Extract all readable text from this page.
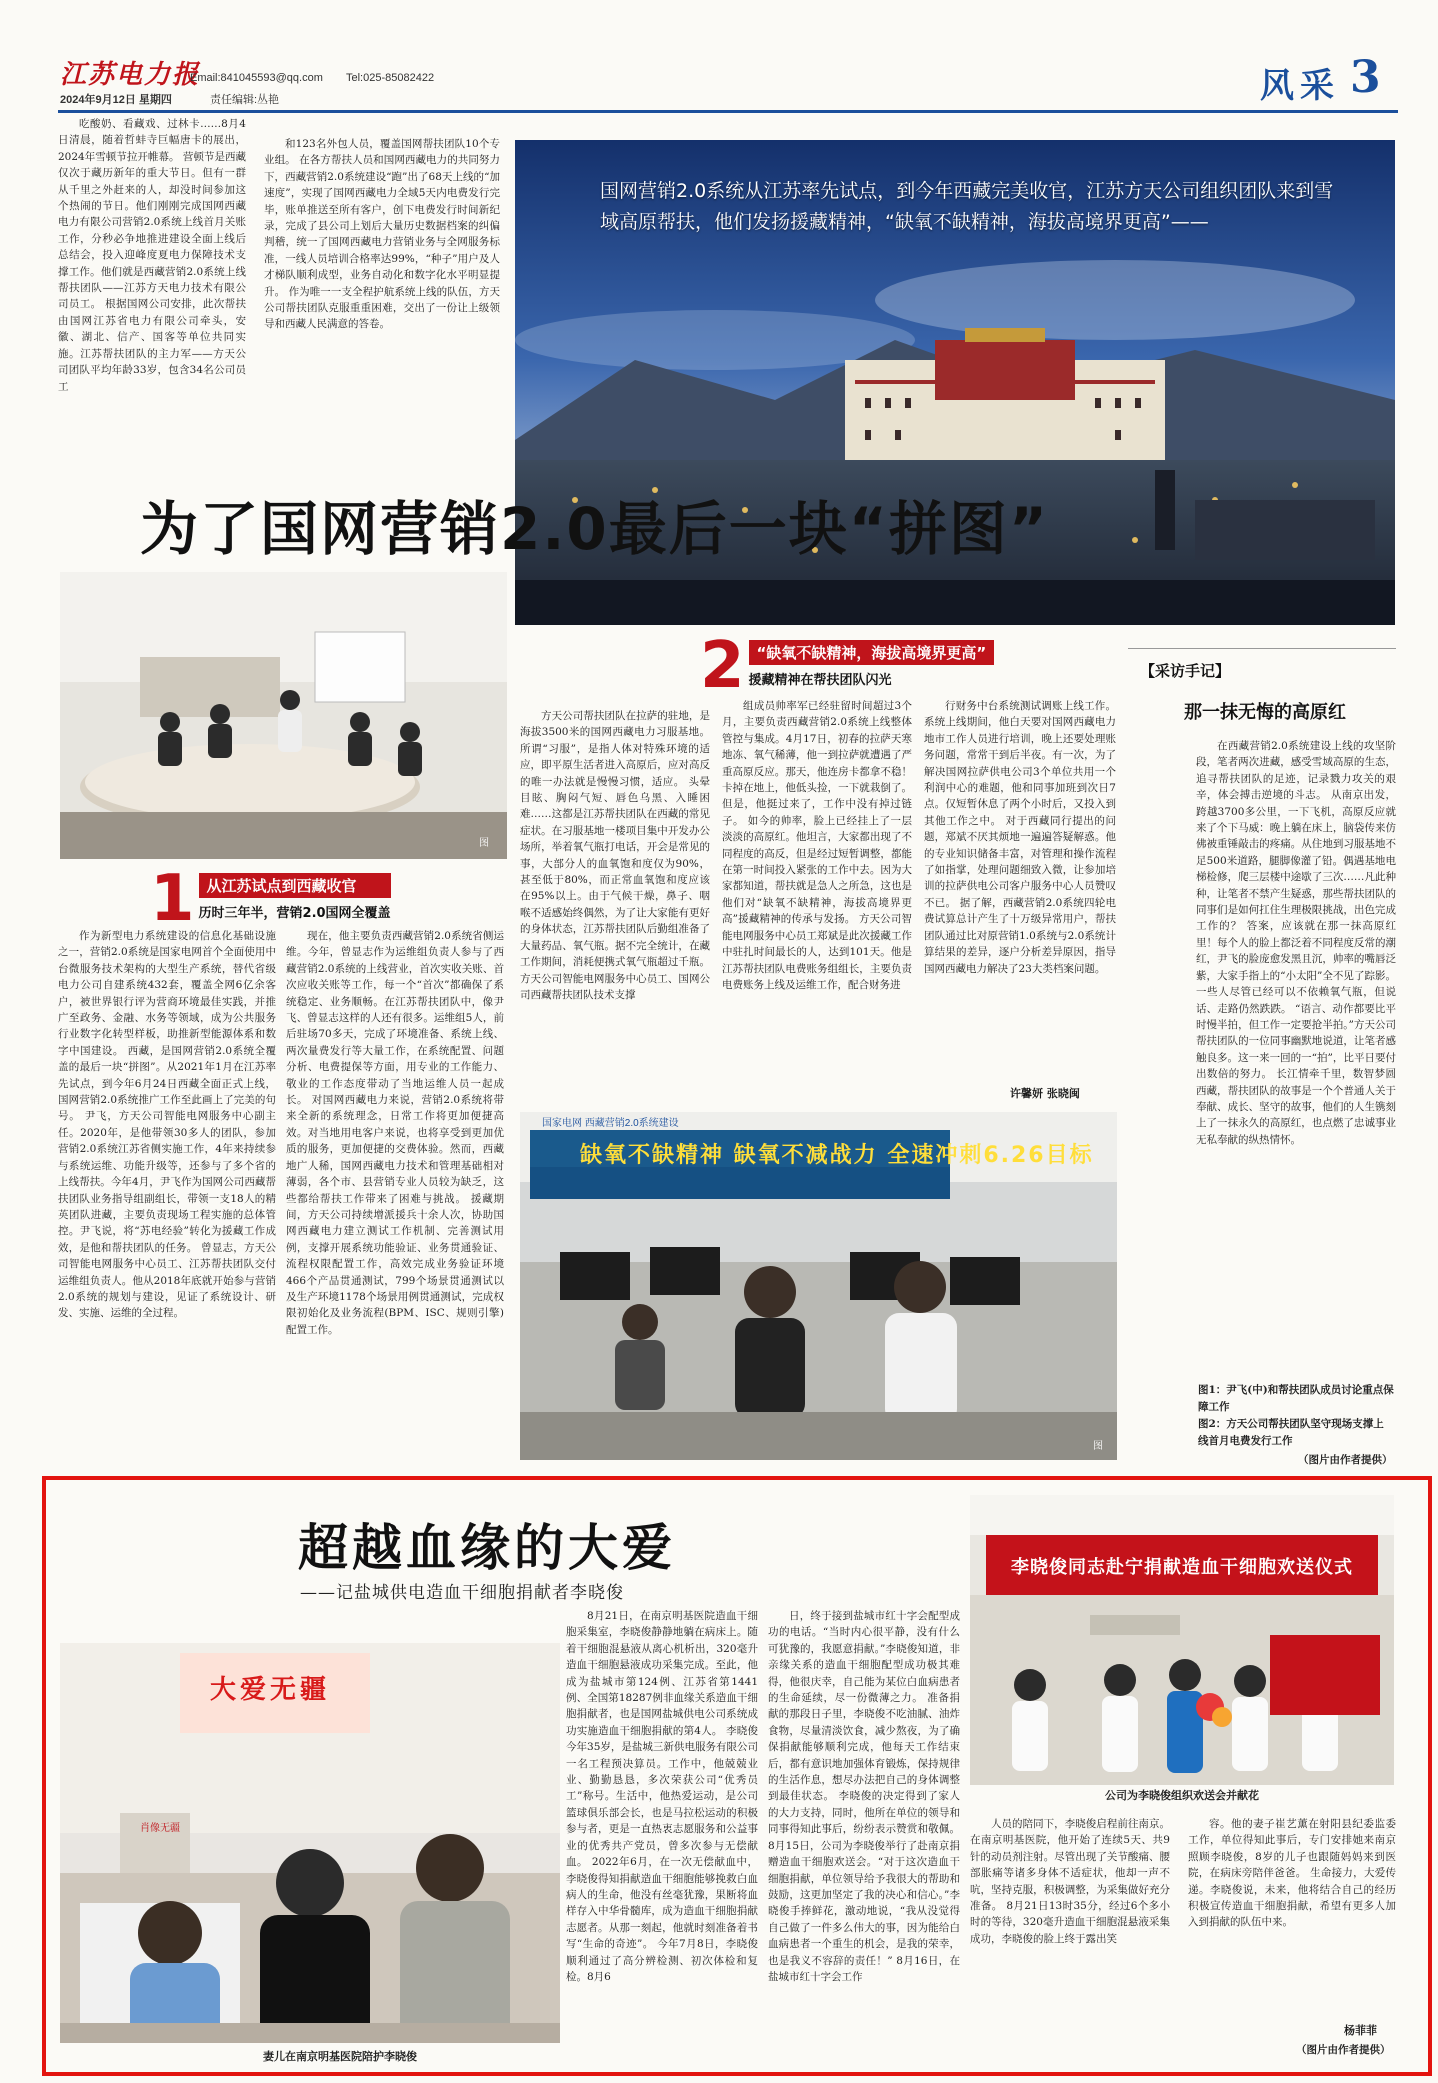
江苏电力报
Email:841045593@qq.com Tel:025-85082422
2024年9月12日 星期四	责任编辑:丛艳	风采 3
吃酸奶、看藏戏、过林卡……8月4日清晨，随着哲蚌寺巨幅唐卡的展出，2024年雪顿节拉开帷幕。 营顿节是西藏仅次于藏历新年的重大节日。但有一群从千里之外赶来的人，却没时间参加这个热闹的节日。他们刚刚完成国网西藏电力有限公司营销2.0系统上线首月关账工作，分秒必争地推进建设全面上线后总结会，投入迎峰度夏电力保障技术支撑工作。他们就是西藏营销2.0系统上线帮扶团队——江苏方天电力技术有限公司员工。 根据国网公司安排，此次帮扶由国网江苏省电力有限公司牵头，安徽、湖北、信产、国客等单位共同实施。江苏帮扶团队的主力军——方天公司团队平均年龄33岁，包含34名公司员工
和123名外包人员，覆盖国网帮扶团队10个专业组。 在各方帮扶人员和国网西藏电力的共同努力下，西藏营销2.0系统建设“跑”出了68天上线的“加速度”，实现了国网西藏电力全域5天内电费发行完毕，账单推送至所有客户，创下电费发行时间新纪录，完成了县公司上划后大量历史数据档案的纠偏判稽，统一了国网西藏电力营销业务与全网服务标准，一线人员培训合格率达99%，“种子”用户及人才梯队顺利成型，业务自动化和数字化水平明显提升。 作为唯一一支全程护航系统上线的队伍，方天公司帮扶团队克服重重困难，交出了一份让上级领导和西藏人民满意的答卷。
国网营销2.0系统从江苏率先试点，到今年西藏完美收官，江苏方天公司组织团队来到雪域高原帮扶，他们发扬援藏精神，“缺氧不缺精神，海拔高境界更高”——
为了国网营销2.0最后一块“拼图”
图
1 从江苏试点到西藏收官
历时三年半，营销2.0国网全覆盖
作为新型电力系统建设的信息化基础设施之一，营销2.0系统是国家电网首个全面使用中台微服务技术架构的大型生产系统，替代省级电力公司自建系统432套，覆盖全网6亿余客户，被世界银行评为营商环境最佳实践，并推广至政务、金融、水务等领域，成为公共服务行业数字化转型样板，助推新型能源体系和数字中国建设。 西藏，是国网营销2.0系统全覆盖的最后一块“拼图”。从2021年1月在江苏率先试点，到今年6月24日西藏全面正式上线，国网营销2.0系统推广工作至此画上了完美的句号。 尹飞，方天公司智能电网服务中心副主任。2020年，是他带领30多人的团队，参加营销2.0系统江苏省侧实施工作，4年来持续参与系统运维、功能升级等，还参与了多个省的上线帮扶。今年4月，尹飞作为国网公司西藏帮扶团队业务指导组副组长，带领一支18人的精英团队进藏，主要负责现场工程实施的总体管控。尹飞说，将“苏电经验”转化为援藏工作成效，是他和帮扶团队的任务。 曾显志，方天公司智能电网服务中心员工、江苏帮扶团队交付运维组负责人。他从2018年底就开始参与营销2.0系统的规划与建设，见证了系统设计、研发、实施、运维的全过程。
现在，他主要负责西藏营销2.0系统省侧运维。今年，曾显志作为运维组负责人参与了西藏营销2.0系统的上线营业，首次实收关账、首次应收关账等工作，每一个“首次”都确保了系统稳定、业务顺畅。在江苏帮扶团队中，像尹飞、曾显志这样的人还有很多。运维组5人，前后驻场70多天，完成了环境准备、系统上线、两次量费发行等大量工作，在系统配置、问题分析、电费提保等方面，用专业的工作能力、敬业的工作态度带动了当地运维人员一起成长。 对国网西藏电力来说，营销2.0系统将带来全新的系统理念，日常工作将更加便捷高效。对当地用电客户来说，也将享受到更加优质的服务，更加便捷的交费体验。然而，西藏地广人稀，国网西藏电力技术和管理基础相对薄弱，各个市、县营销专业人员较为缺乏，这些都给帮扶工作带来了困难与挑战。 援藏期间，方天公司持续增派援兵十余人次，协助国网西藏电力建立测试工作机制、完善测试用例，支撑开展系统功能验证、业务贯通验证、流程权限配置工作，高效完成业务验证环境466个产品贯通测试，799个场景贯通测试以及生产环境1178个场景用例贯通测试，完成权限初始化及业务流程(BPM、ISC、规则引擎)配置工作。
2 “缺氧不缺精神，海拔高境界更高”
援藏精神在帮扶团队闪光
方天公司帮扶团队在拉萨的驻地，是海拔3500米的国网西藏电力习服基地。所谓“习服”，是指人体对特殊环境的适应，即平原生活者进入高原后，应对高反的唯一办法就是慢慢习惯，适应。 头晕目眩、胸闷气短、唇色乌黑、入睡困难……这都是江苏帮扶团队在西藏的常见症状。在习服基地一楼项目集中开发办公场所，举着氧气瓶打电话，开会是常见的事，大部分人的血氧饱和度仅为90%，甚至低于80%，而正常血氧饱和度应该在95%以上。由于气候干燥，鼻子、咽喉不适感始终偶然，为了让大家能有更好的身体状态，江苏帮扶团队后勤组准备了大量药品、氧气瓶。据不完全统计，在藏工作期间，消耗便携式氧气瓶超过千瓶。 方天公司智能电网服务中心员工、国网公司西藏帮扶团队技术支撑
组成员帅率军已经驻留时间超过3个月，主要负责西藏营销2.0系统上线整体管控与集成。4月17日，初春的拉萨天寒地冻、氧气稀薄，他一到拉萨就遭遇了严重高原反应。那天，他连房卡都拿不稳！卡掉在地上，他低头捡，一下就栽倒了。但是，他挺过来了，工作中没有掉过链子。 如今的帅率，脸上已经挂上了一层淡淡的高原红。他坦言，大家都出现了不同程度的高反，但是经过短暂调整，都能在第一时间投入紧张的工作中去。因为大家都知道，帮扶就是急人之所急，这也是他们对“缺氧不缺精神，海拔高境界更高”援藏精神的传承与发扬。 方天公司智能电网服务中心员工郑斌是此次援藏工作中驻扎时间最长的人，达到101天。他是江苏帮扶团队电费账务组组长，主要负责电费账务上线及运维工作，配合财务进
行财务中台系统测试调账上线工作。系统上线期间，他白天要对国网西藏电力地市工作人员进行培训，晚上还要处理账务问题，常常干到后半夜。有一次，为了解决国网拉萨供电公司3个单位共用一个利润中心的难题，他和同事加班到次日7点。仅短暂休息了两个小时后，又投入到其他工作之中。 对于西藏同行提出的问题，郑斌不厌其烦地一遍遍答疑解惑。他的专业知识储备丰富，对管理和操作流程了如指掌，处理问题细致入微，让参加培训的拉萨供电公司客户服务中心人员赞叹不已。 据了解，西藏营销2.0系统四轮电费试算总计产生了十万级异常用户，帮扶团队通过比对原营销1.0系统与2.0系统计算结果的差异，逐户分析差异原因，指导国网西藏电力解决了23大类档案问题。
许馨妍 张晓闽
缺氧不缺精神 缺氧不减战力 全速冲刺6.26目标
国家电网 西藏营销2.0系统建设
图
【采访手记】
那一抹无悔的高原红
在西藏营销2.0系统建设上线的攻坚阶段，笔者两次进藏，感受雪域高原的生态，追寻帮扶团队的足迹，记录戮力攻关的艰辛，体会搏击逆境的斗志。 从南京出发，跨越3700多公里，一下飞机，高原反应就来了个下马威：晚上躺在床上，脑袋传来仿佛被重锤敲击的疼痛。从住地到习服基地不足500米道路，腿脚像灌了铅。偶遇基地电梯检修，爬三层楼中途歇了三次……凡此种种，让笔者不禁产生疑惑，那些帮扶团队的同事们是如何扛住生理极限挑战，出色完成工作的？ 答案，应该就在那一抹高原红里！每个人的脸上都泛着不同程度反常的潮红，尹飞的脸庞愈发黑且沉，帅率的嘴唇泛紫，大家手指上的“小太阳”全不见了踪影。一些人尽管已经可以不依赖氧气瓶，但说话、走路仍然跌跌。 “语言、动作都要比平时慢半拍，但工作一定要抢半拍。”方天公司帮扶团队的一位同事幽默地说道，让笔者感触良多。这一来一回的一“拍”，比平日要付出数倍的努力。 长江情牵千里，数智梦圆西藏，帮扶团队的故事是一个个普通人关于奉献、成长、坚守的故事，他们的人生镌刻上了一抹永久的高原红，也点燃了忠诚事业无私奉献的纵热情怀。
图1：尹飞(中)和帮扶团队成员讨论重点保障工作
图2：方天公司帮扶团队坚守现场支撑上线首月电费发行工作
（图片由作者提供）
超越血缘的大爱
——记盐城供电造血干细胞捐献者李晓俊
大爱无疆
肖像无疆
妻儿在南京明基医院陪护李晓俊
8月21日，在南京明基医院造血干细胞采集室，李晓俊静静地躺在病床上。随着干细胞混悬液从离心机析出，320毫升造血干细胞悬液成功采集完成。至此，他成为盐城市第124例、江苏省第1441例、全国第18287例非血缘关系造血干细胞捐献者，也是国网盐城供电公司系统成功实施造血干细胞捐献的第4人。 李晓俊今年35岁，是盐城三新供电服务有限公司一名工程预决算员。工作中，他兢兢业业、勤勤恳恳，多次荣获公司“优秀员工”称号。生活中，他热爱运动，是公司篮球俱乐部会长，也是马拉松运动的积极参与者，更是一直热衷志愿服务和公益事业的优秀共产党员，曾多次参与无偿献血。 2022年6月，在一次无偿献血中，李晓俊得知捐献造血干细胞能够挽救白血病人的生命，他没有丝毫犹豫，果断将血样存入中华骨髓库，成为造血干细胞捐献志愿者。从那一刻起，他就时刻准备着书写“生命的奇迹”。 今年7月8日，李晓俊顺利通过了高分辨检测、初次体检和复检。8月6
日，终于接到盐城市红十字会配型成功的电话。“当时内心很平静，没有什么可犹豫的，我愿意捐献。”李晓俊知道，非亲缘关系的造血干细胞配型成功极其难得，他很庆幸，自己能为某位白血病患者的生命延续，尽一份微薄之力。 准备捐献的那段日子里，李晓俊不吃油腻、油炸食物，尽量清淡饮食，减少熬夜，为了确保捐献能够顺利完成，他每天工作结束后，都有意识地加强体育锻炼，保持规律的生活作息，想尽办法把自己的身体调整到最佳状态。 李晓俊的决定得到了家人的大力支持，同时，他所在单位的领导和同事得知此事后，纷纷表示赞赏和敬佩。8月15日，公司为李晓俊举行了赴南京捐赠造血干细胞欢送会。“对于这次造血干细胞捐献，单位领导给予我很大的帮助和鼓励，这更加坚定了我的决心和信心。”李晓俊手捧鲜花，激动地说，“我从没觉得自己做了一件多么伟大的事，因为能给白血病患者一个重生的机会，是我的荣幸，也是我义不容辞的责任！” 8月16日，在盐城市红十字会工作
李晓俊同志赴宁捐献造血干细胞欢送仪式
公司为李晓俊组织欢送会并献花
人员的陪同下，李晓俊启程前往南京。在南京明基医院，他开始了连续5天、共9针的动员剂注射。尽管出现了关节酸痛、腰部胀痛等诸多身体不适症状，他却一声不吭，坚持克服，积极调整，为采集做好充分准备。 8月21日13时35分，经过6个多小时的等待，320毫升造血干细胞混悬液采集成功，李晓俊的脸上终于露出笑
容。他的妻子崔艺薰在射阳县纪委监委工作，单位得知此事后，专门安排她来南京照顾李晓俊，8岁的儿子也跟随妈妈来到医院，在病床旁陪伴爸爸。 生命接力，大爱传递。李晓俊说，未来，他将结合自己的经历积极宣传造血干细胞捐献，希望有更多人加入到捐献的队伍中来。
杨菲菲
（图片由作者提供）
